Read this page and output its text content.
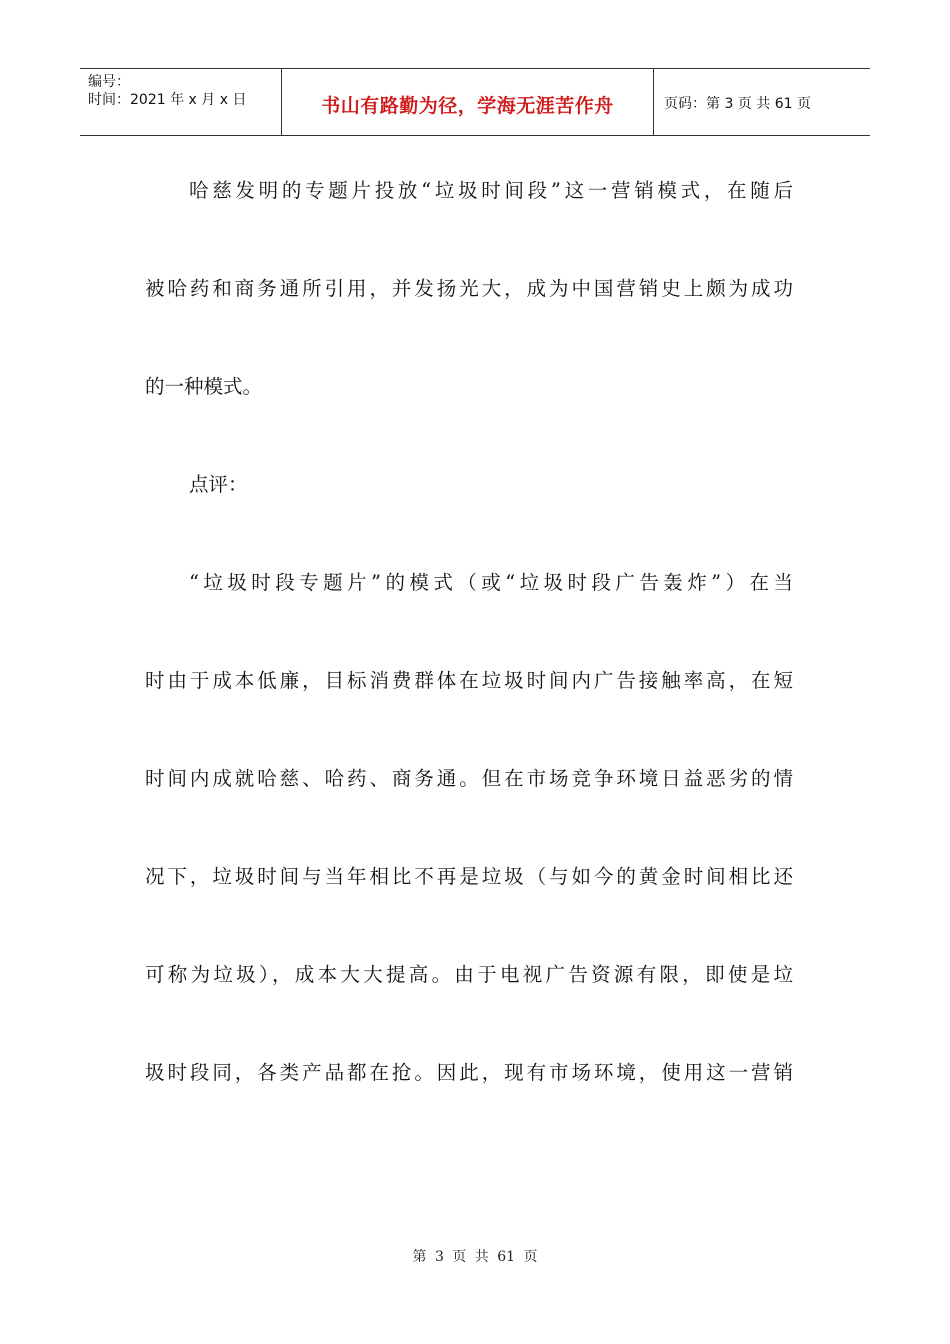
编号：
时间：2021 年 x 月 x 日	书山有路勤为径，学海无涯苦作舟	页码：第 3 页 共 61 页
哈慈发明的专题片投放“垃圾时间段”这一营销模式，在随后
被哈药和商务通所引用，并发扬光大，成为中国营销史上颇为成功
的一种模式。
点评：
“垃圾时段专题片”的模式（或“垃圾时段广告轰炸”）在当
时由于成本低廉，目标消费群体在垃圾时间内广告接触率高，在短
时间内成就哈慈、哈药、商务通。但在市场竞争环境日益恶劣的情
况下，垃圾时间与当年相比不再是垃圾（与如今的黄金时间相比还
可称为垃圾），成本大大提高。由于电视广告资源有限，即使是垃
圾时段同，各类产品都在抢。因此，现有市场环境，使用这一营销
第 3 页 共 61 页
